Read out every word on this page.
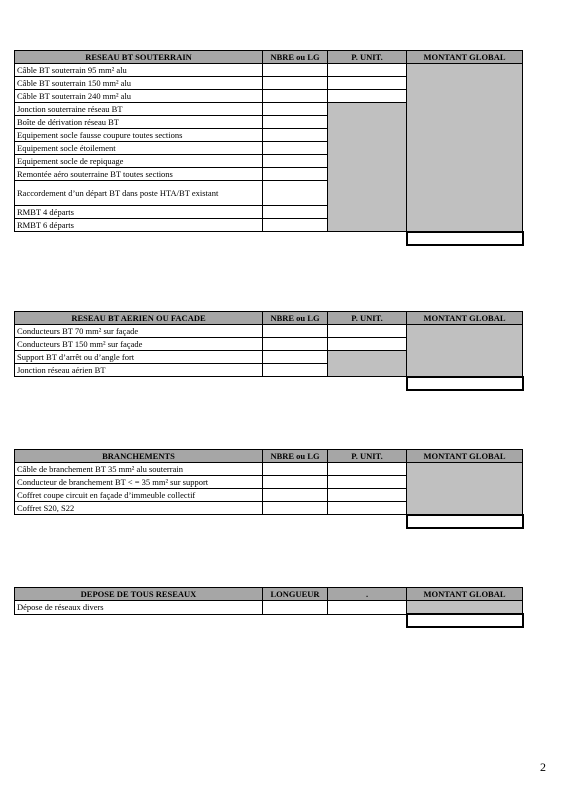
RESEAU BT SOUTERRAIN	NBRE ou LG	P. UNIT.	MONTANT GLOBAL
Câble BT souterrain 95 mm² alu			
Câble BT souterrain 150 mm² alu			
Câble BT souterrain 240 mm² alu			
Jonction souterraine réseau BT			
Boîte de dérivation réseau BT			
Equipement socle fausse coupure toutes sections			
Equipement socle étoilement			
Equipement socle de repiquage			
Remontée aéro souterraine BT toutes sections			
Raccordement d’un départ BT dans poste HTA/BT existant			
RMBT 4 départs			
RMBT 6 départs			

RESEAU BT AERIEN OU FACADE	NBRE ou LG	P. UNIT.	MONTANT GLOBAL
Conducteurs BT 70 mm² sur façade			
Conducteurs BT 150 mm² sur façade			
Support BT d’arrêt ou d’angle fort			
Jonction réseau aérien BT			

BRANCHEMENTS	NBRE ou LG	P. UNIT.	MONTANT GLOBAL
Câble de branchement BT 35 mm² alu souterrain			
Conducteur de branchement BT < = 35 mm² sur support			
Coffret coupe circuit en façade d’immeuble collectif			
Coffret S20, S22			

DEPOSE DE TOUS RESEAUX	LONGUEUR	.	MONTANT GLOBAL
Dépose de réseaux divers			

2
